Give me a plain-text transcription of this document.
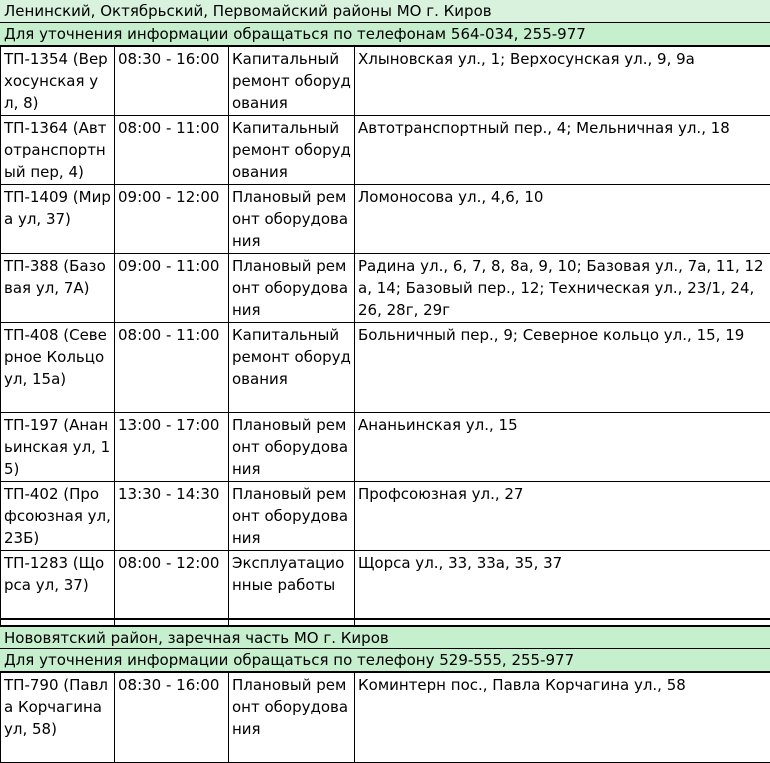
Ленинский, Октябрьский, Первомайский районы МО г. Киров
Для уточнения информации обращаться по телефонам 564-034, 255-977
ТП-1354 (Верхосунская ул, 8)	08:30 - 16:00	Капитальный ремонт оборудования	Хлыновская ул., 1; Верхосунская ул., 9, 9а
ТП-1364 (Автотранспортный пер, 4)	08:00 - 11:00	Капитальный ремонт оборудования	Автотранспортный пер., 4; Мельничная ул., 18
ТП-1409 (Мира ул, 37)	09:00 - 12:00	Плановый ремонт оборудования	Ломоносова ул., 4,6, 10
ТП-388 (Базовая ул, 7А)	09:00 - 11:00	Плановый ремонт оборудования	Радина ул., 6, 7, 8, 8а, 9, 10; Базовая ул., 7а, 11, 12а, 14; Базовый пер., 12; Техническая ул., 23/1, 24, 26, 28г, 29г
ТП-408 (Северное Кольцо ул, 15а)	08:00 - 11:00	Капитальный ремонт оборудования	Больничный пер., 9; Северное кольцо ул., 15, 19
ТП-197 (Ананьинская ул, 15)	13:00 - 17:00	Плановый ремонт оборудования	Ананьинская ул., 15
ТП-402 (Профсоюзная ул, 23Б)	13:30 - 14:30	Плановый ремонт оборудования	Профсоюзная ул., 27
ТП-1283 (Щорса ул, 37)	08:00 - 12:00	Эксплуатационные работы	Щорса ул., 33, 33а, 35, 37

Нововятский район, заречная часть МО г. Киров
Для уточнения информации обращаться по телефону 529-555, 255-977
ТП-790 (Павла Корчагина ул, 58)	08:30 - 16:00	Плановый ремонт оборудования	Коминтерн пос., Павла Корчагина ул., 58
